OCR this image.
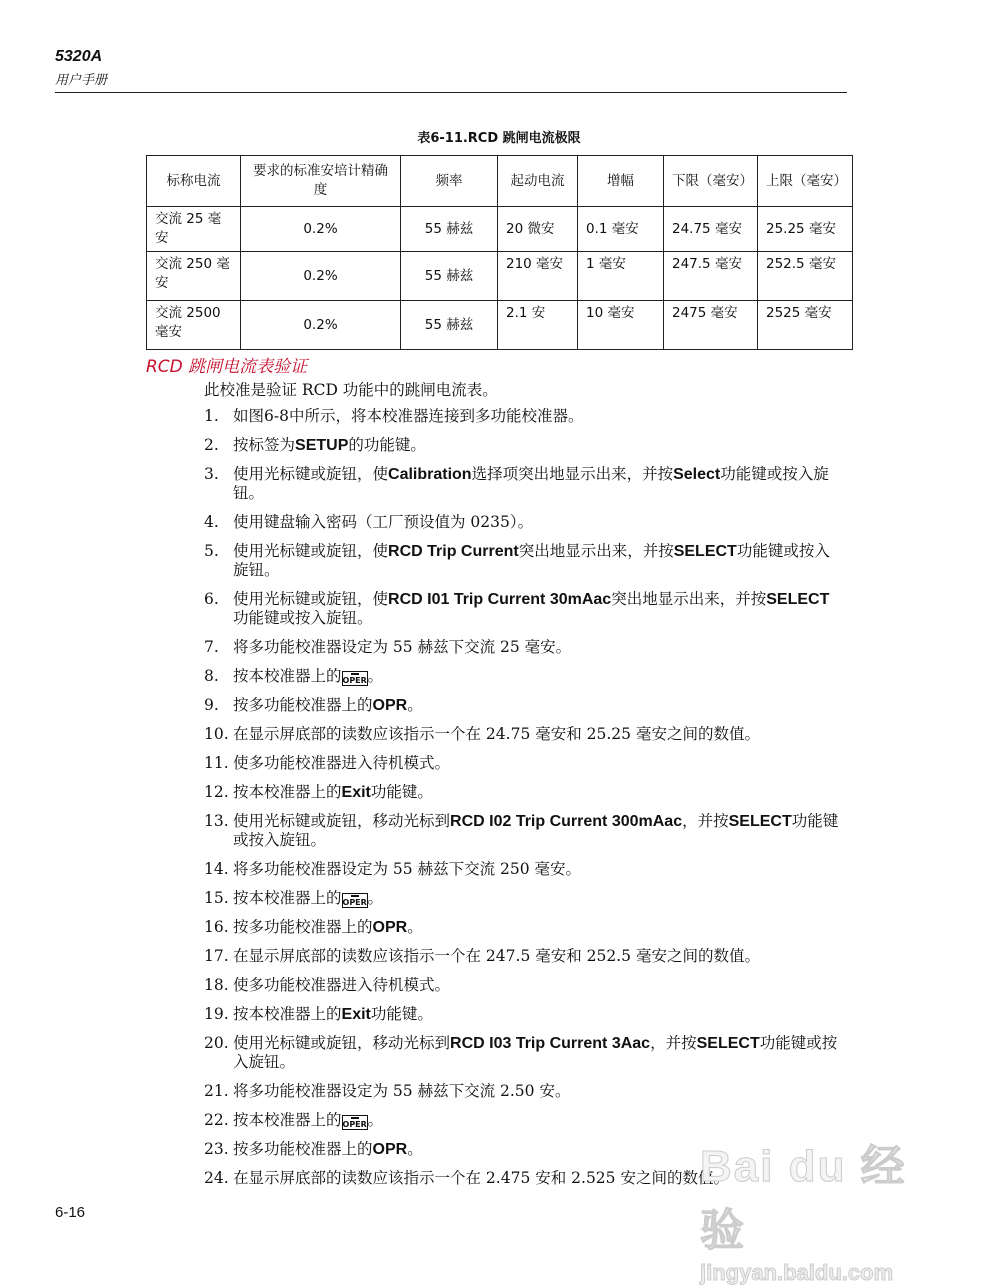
5320A
用户手册
表6-11.RCD 跳闸电流极限
标称电流	要求的标准安培计精确度	频率	起动电流	增幅	下限（毫安）	上限（毫安）
交流 25 毫安	0.2%	55 赫兹	20 微安	0.1 毫安	24.75 毫安	25.25 毫安
交流 250 毫安	0.2%	55 赫兹	210 毫安	1 毫安	247.5 毫安	252.5 毫安
交流 2500 毫安	0.2%	55 赫兹	2.1 安	10 毫安	2475 毫安	2525 毫安
RCD 跳闸电流表验证
此校准是验证 RCD 功能中的跳闸电流表。
1. 如图6-8中所示，将本校准器连接到多功能校准器。
2. 按标签为SETUP的功能键。
3. 使用光标键或旋钮，使Calibration选择项突出地显示出来，并按Select功能键或按入旋钮。
4. 使用键盘输入密码（工厂预设值为 0235）。
5. 使用光标键或旋钮，使RCD Trip Current突出地显示出来，并按SELECT功能键或按入旋钮。
6. 使用光标键或旋钮，使RCD I01 Trip Current 30mAac突出地显示出来，并按SELECT功能键或按入旋钮。
7. 将多功能校准器设定为 55 赫兹下交流 25 毫安。
8. 按本校准器上的OPER。
9. 按多功能校准器上的OPR。
10. 在显示屏底部的读数应该指示一个在 24.75 毫安和 25.25 毫安之间的数值。
11. 使多功能校准器进入待机模式。
12. 按本校准器上的Exit功能键。
13. 使用光标键或旋钮，移动光标到RCD I02 Trip Current 300mAac，并按SELECT功能键或按入旋钮。
14. 将多功能校准器设定为 55 赫兹下交流 250 毫安。
15. 按本校准器上的OPER。
16. 按多功能校准器上的OPR。
17. 在显示屏底部的读数应该指示一个在 247.5 毫安和 252.5 毫安之间的数值。
18. 使多功能校准器进入待机模式。
19. 按本校准器上的Exit功能键。
20. 使用光标键或旋钮，移动光标到RCD I03 Trip Current 3Aac，并按SELECT功能键或按入旋钮。
21. 将多功能校准器设定为 55 赫兹下交流 2.50 安。
22. 按本校准器上的OPER。
23. 按多功能校准器上的OPR。
24. 在显示屏底部的读数应该指示一个在 2.475 安和 2.525 安之间的数值。
6-16
Bai du 经验
jingyan.baidu.com
